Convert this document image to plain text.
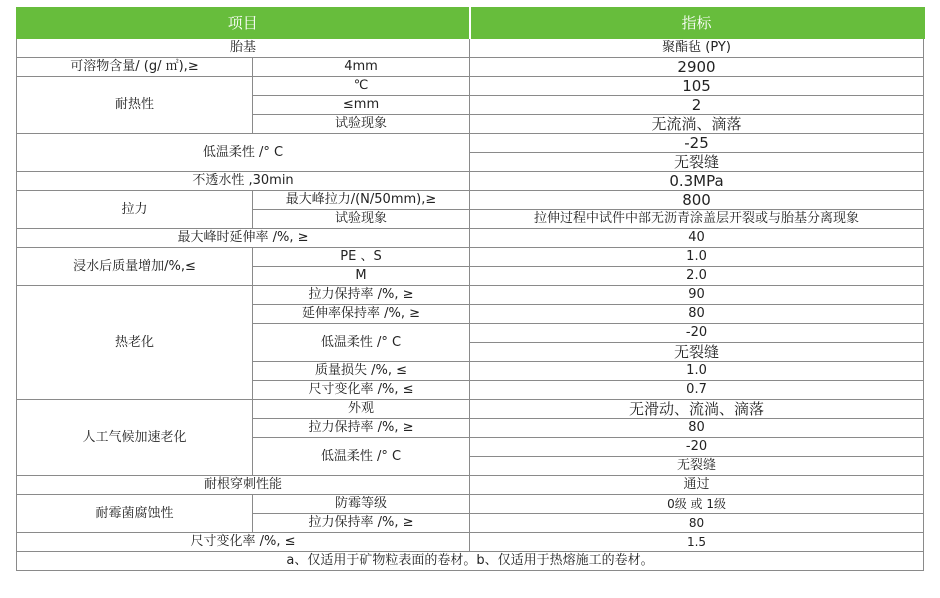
项目		指标
胎基		聚酯毡 (PY)
可溶物含量/ (g/ ㎡),≥	4mm	2900
耐热性	℃	105
	≤mm	2
	试验现象	无流淌、滴落
低温柔性 /° C		-25
		无裂缝
不透水性 ,30min		0.3MPa
拉力	最大峰拉力/(N/50mm),≥	800
	试验现象	拉伸过程中试件中部无沥青涂盖层开裂或与胎基分离现象
最大峰时延伸率 /%, ≥		40
浸水后质量增加/%,≤	PE 、S	1.0
	M	2.0
热老化	拉力保持率 /%, ≥	90
	延伸率保持率 /%, ≥	80
	低温柔性 /° C	-20
		无裂缝
	质量损失 /%, ≤	1.0
	尺寸变化率 /%, ≤	0.7
人工气候加速老化	外观	无滑动、流淌、滴落
	拉力保持率 /%, ≥	80
	低温柔性 /° C	-20
		无裂缝
耐根穿刺性能		通过
耐霉菌腐蚀性	防霉等级	0级 或 1级
	拉力保持率 /%, ≥	80
尺寸变化率 /%, ≤		1.5
a、仅适用于矿物粒表面的卷材。b、仅适用于热熔施工的卷材。		
